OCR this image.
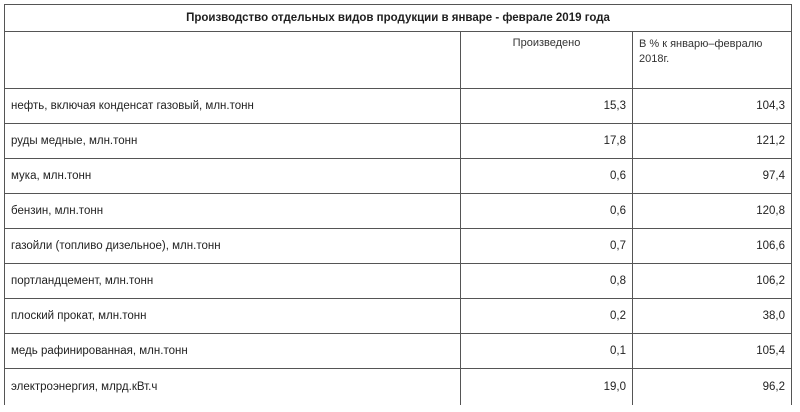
Производство отдельных видов продукции в январе - феврале 2019 года		
	Произведено	В % к январю–февралю 2018г.
нефть, включая конденсат газовый, млн.тонн	15,3	104,3
руды медные, млн.тонн	17,8	121,2
мука, млн.тонн	0,6	97,4
бензин, млн.тонн	0,6	120,8
газойли (топливо дизельное), млн.тонн	0,7	106,6
портландцемент, млн.тонн	0,8	106,2
плоский прокат, млн.тонн	0,2	38,0
медь рафинированная, млн.тонн	0,1	105,4
электроэнергия, млрд.кВт.ч	19,0	96,2
